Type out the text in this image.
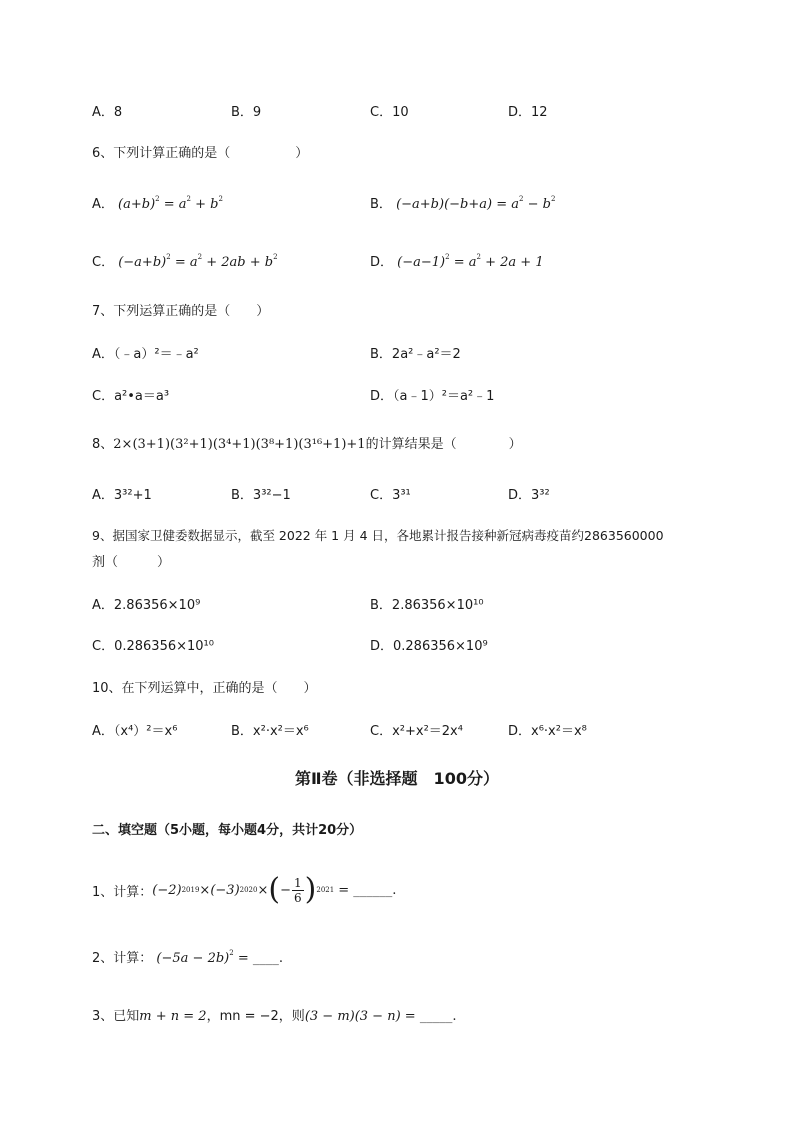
A．8	B．9	C．10	D．12
6、下列计算正确的是（　　　　　）
A． $(a+b)^2 = a^2 + b^2$	B． $(-a+b)(-b+a) = a^2 - b^2$
C． $(-a+b)^2 = a^2 + 2ab + b^2$	D． $(-a-1)^2 = a^2 + 2a + 1$
7、下列运算正确的是（　　）
A．（﹣a）²＝﹣a²	B．2a²﹣a²＝2
C．a²•a＝a³	D．（a﹣1）²＝a²﹣1
8、2×(3+1)(3²+1)(3⁴+1)(3⁸+1)(3¹⁶+1)+1的计算结果是（　　　　）
A．3³²+1	B．3³²−1	C．3³¹	D．3³²
9、据国家卫健委数据显示，截至 2022 年 1 月 4 日，各地累计报告接种新冠病毒疫苗约2863560000
剂（　　　）
A．2.86356×10⁹	B．2.86356×10¹⁰
C．0.286356×10¹⁰	D．0.286356×10⁹
10、在下列运算中，正确的是（　　）
A．（x⁴）²＝x⁶	B．x²·x²＝x⁶	C．x²+x²＝2x⁴	D．x⁶·x²＝x⁸
第Ⅱ卷（非选择题　100分）
二、填空题（5小题，每小题4分，共计20分）
1、计算： (−2) 2019 × (−3) 2020 × ( − $\frac{1}{6}$ ) 2021 = ______.
2、计算： $(-5a - 2b)^2$ = ____.
3、已知m + n = 2，mn = −2，则(3 − m)(3 − n) = _____.
